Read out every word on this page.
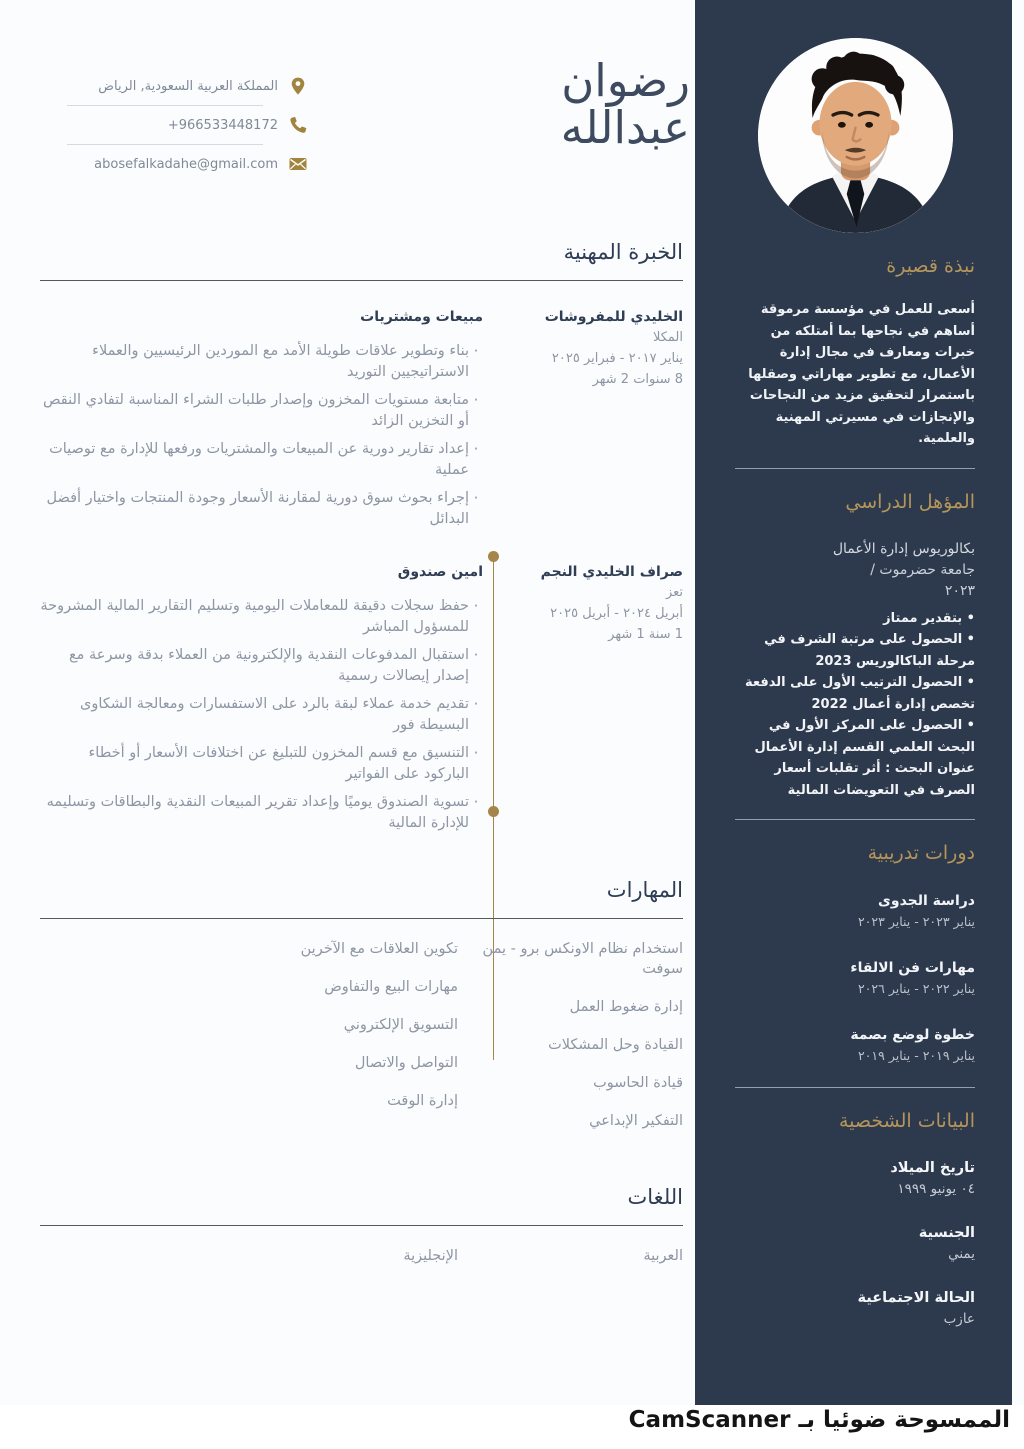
نبذة قصيرة

أسعى للعمل في مؤسسة مرموقة أساهم في نجاحها بما أمتلكه من خبرات ومعارف في مجال إدارة الأعمال، مع تطوير مهاراتي وصقلها باستمرار لتحقيق مزيد من النجاحات والإنجازات في مسيرتي المهنية والعلمية.

المؤهل الدراسي
بكالوريوس إدارة الأعمال
جامعة حضرموت /
٢٠٢٣
• بتقدير ممتاز
• الحصول على مرتبة الشرف في مرحلة الباكالوريس 2023
• الحصول الترتيب الأول على الدفعة تخصص إدارة أعمال 2022
• الحصول على المركز الأول في البحث العلمي القسم إدارة الأعمال عنوان البحث : أثر تقلبات أسعار الصرف في التعويضات المالية
دورات تدريبية
دراسة الجدوى
يناير ٢٠٢٣ - يناير ٢٠٢٣
مهارات فن الالقاء
يناير ٢٠٢٢ - يناير ٢٠٢٦
خطوة لوضع بصمة
يناير ٢٠١٩ - يناير ٢٠١٩
البيانات الشخصية
تاريخ الميلاد
٠٤ يونيو ١٩٩٩
الجنسية
يمني
الحالة الاجتماعية
عازب
رضوان
عبدالله
المملكة العربية السعودية, الرياض
+966533448172
abosefalkadahe@gmail.com
الخبرة المهنية
الخليدي للمفروشات
المكلا
يناير ٢٠١٧ - فبراير ٢٠٢٥
8 سنوات 2 شهر
مبيعات ومشتريات
·
بناء وتطوير علاقات طويلة الأمد مع الموردين الرئيسيين والعملاء الاستراتيجيين التوريد
·
متابعة مستويات المخزون وإصدار طلبات الشراء المناسبة لتفادي النقص أو التخزين الزائد
·
إعداد تقارير دورية عن المبيعات والمشتريات ورفعها للإدارة مع توصيات عملية
·
إجراء بحوث سوق دورية لمقارنة الأسعار وجودة المنتجات واختيار أفضل البدائل
صراف الخليدي النجم
تعز
أبريل ٢٠٢٤ - أبريل ٢٠٢٥
1 سنة 1 شهر
امين صندوق
·
حفظ سجلات دقيقة للمعاملات اليومية وتسليم التقارير المالية المشروحة للمسؤول المباشر
·
استقبال المدفوعات النقدية والإلكترونية من العملاء بدقة وسرعة مع إصدار إيصالات رسمية
·
تقديم خدمة عملاء لبقة بالرد على الاستفسارات ومعالجة الشكاوى البسيطة فور
·
التنسيق مع قسم المخزون للتبليغ عن اختلافات الأسعار أو أخطاء الباركود على الفواتير
·
تسوية الصندوق يوميًا وإعداد تقرير المبيعات النقدية والبطاقات وتسليمه للإدارة المالية
المهارات
استخدام نظام الاونكس برو - يمن سوفت
إدارة ضغوط العمل
القيادة وحل المشكلات
قيادة الحاسوب
التفكير الإبداعي
تكوين العلاقات مع الآخرين
مهارات البيع والتفاوض
التسويق الإلكتروني
التواصل والاتصال
إدارة الوقت
اللغات
العربية
الإنجليزية
الممسوحة ضوئيا بـ CamScanner
